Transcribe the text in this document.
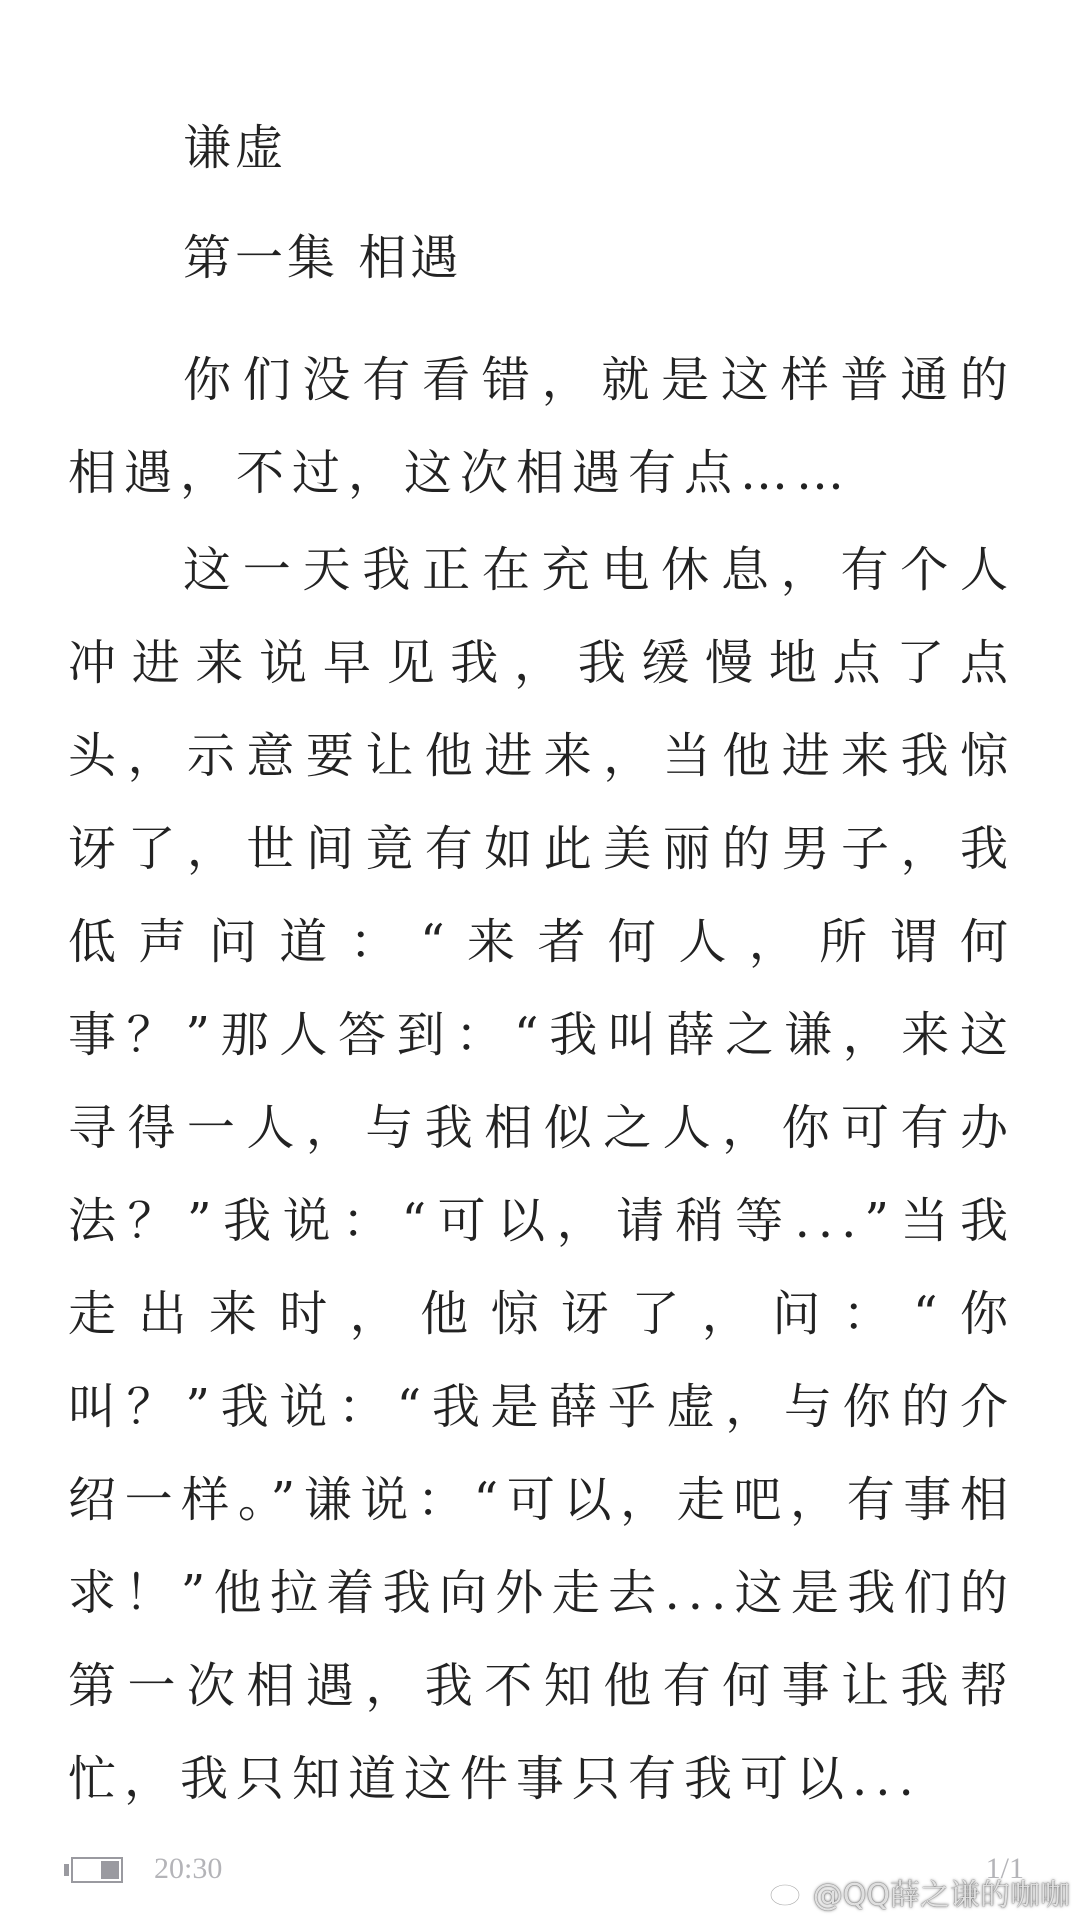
谦虚
第一集 相遇

你们没有看错，就是这样普通的相遇，不过，这次相遇有点……

这一天我正在充电休息，有个人冲进来说早见我，我缓慢地点了点头，示意要让他进来，当他进来我惊讶了，世间竟有如此美丽的男子，我低声问道：“来者何人，所谓何事？”那人答到：“我叫薛之谦，来这寻得一人，与我相似之人，你可有办法？”我说：“可以，请稍等...”当我走出来时，他惊讶了，问：“你叫？”我说：“我是薛乎虚，与你的介绍一样。”谦说：“可以，走吧，有事相求！”他拉着我向外走去...这是我们的第一次相遇，我不知他有何事让我帮忙，我只知道这件事只有我可以...

20:30	1/1
@QQ薛之谦的咖咖
